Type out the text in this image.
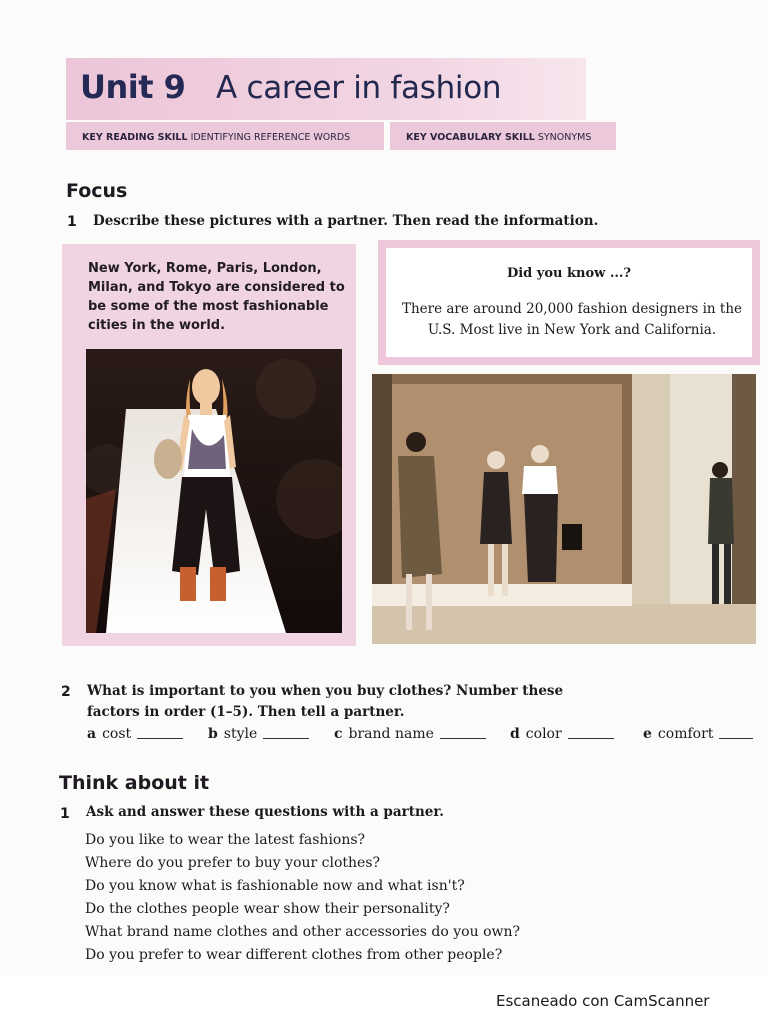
Unit 9 A career in fashion
KEY READING SKILL IDENTIFYING REFERENCE WORDS	KEY VOCABULARY SKILL SYNONYMS
Focus
1 Describe these pictures with a partner. Then read the information.
New York, Rome, Paris, London, Milan, and Tokyo are considered to be some of the most fashionable cities in the world.
Did you know ...?
There are around 20,000 fashion designers in the U.S. Most live in New York and California.
2 What is important to you when you buy clothes? Number these factors in order (1–5). Then tell a partner.
a cost	b style	c brand name	d color	e comfort
Think about it
1 Ask and answer these questions with a partner.
Do you like to wear the latest fashions?
Where do you prefer to buy your clothes?
Do you know what is fashionable now and what isn't?
Do the clothes people wear show their personality?
What brand name clothes and other accessories do you own?
Do you prefer to wear different clothes from other people?
Escaneado con CamScanner
